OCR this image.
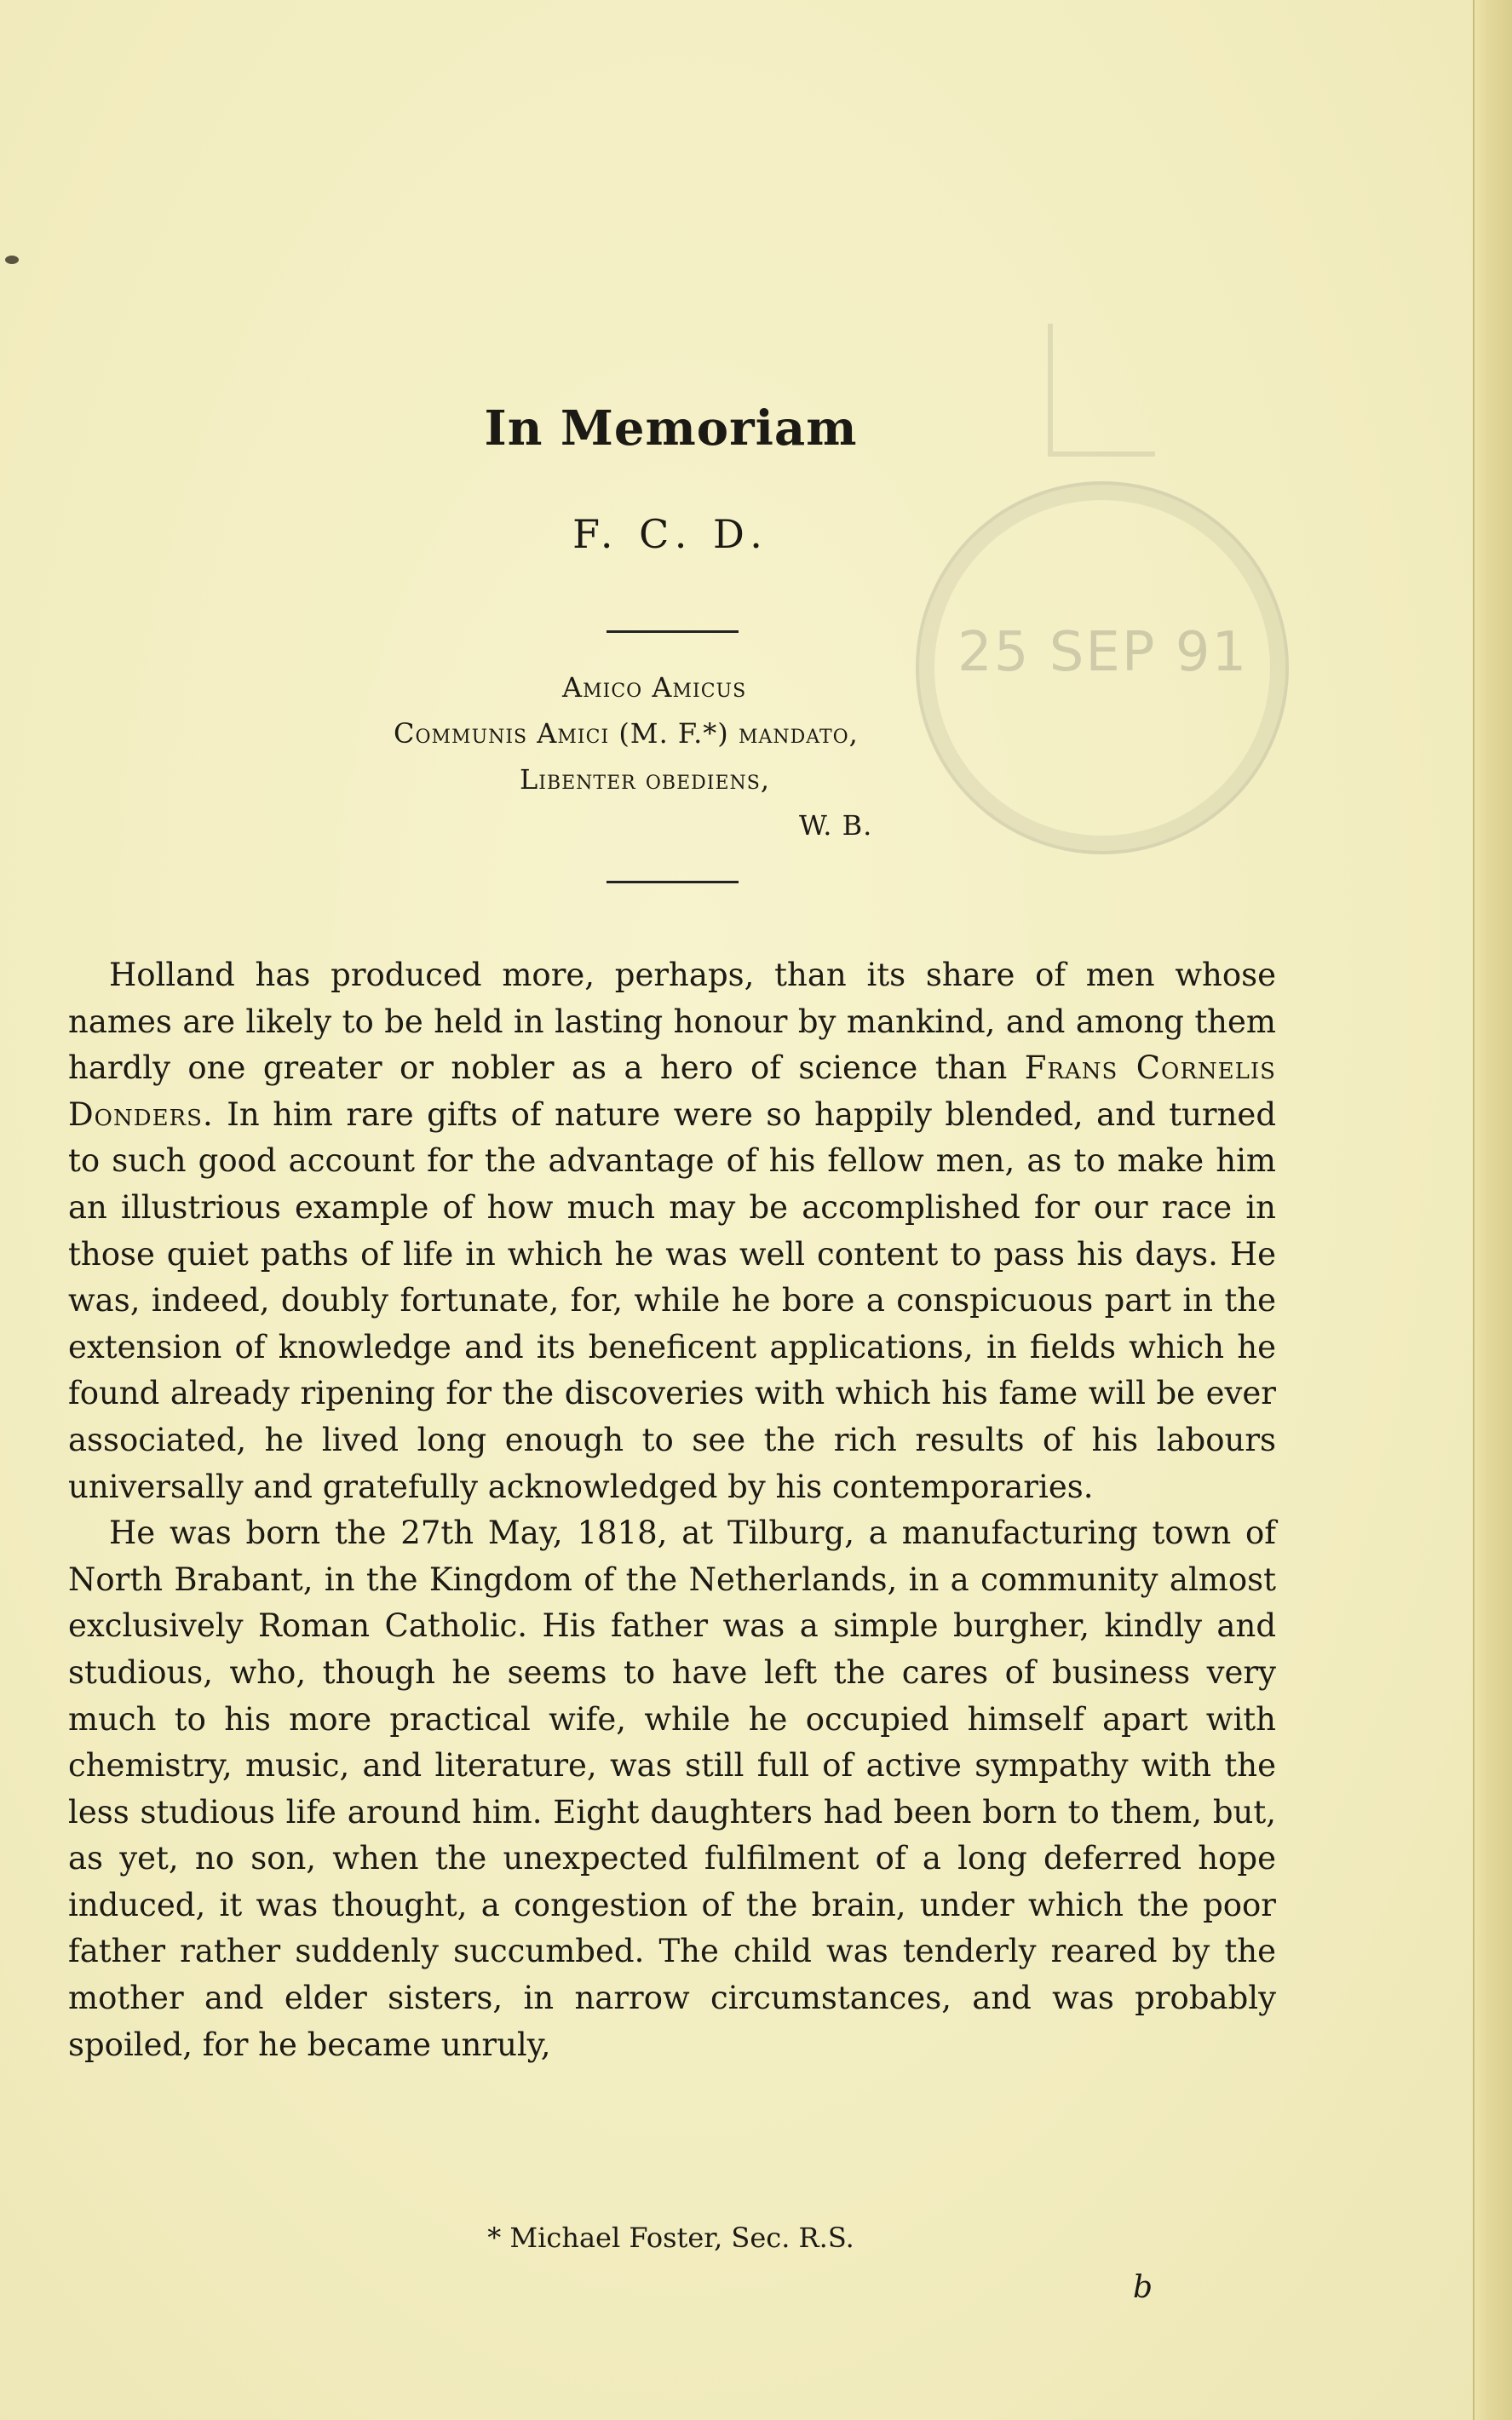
25 SEP 91
In Memoriam
F. C. D.
Amico Amicus
Communis Amici (M. F.*) mandato,
Libenter obediens,
W. B.

Holland has produced more, perhaps, than its share of men whose names are likely to be held in lasting honour by mankind, and among them hardly one greater or nobler as a hero of science than Frans Cornelis Donders. In him rare gifts of nature were so happily blended, and turned to such good account for the advantage of his fellow men, as to make him an illustrious example of how much may be accomplished for our race in those quiet paths of life in which he was well content to pass his days. He was, indeed, doubly fortunate, for, while he bore a conspicuous part in the extension of knowledge and its beneficent applications, in fields which he found already ripening for the discoveries with which his fame will be ever associated, he lived long enough to see the rich results of his labours universally and gratefully acknowledged by his contemporaries.

He was born the 27th May, 1818, at Tilburg, a manufacturing town of North Brabant, in the Kingdom of the Netherlands, in a community almost exclusively Roman Catholic. His father was a simple burgher, kindly and studious, who, though he seems to have left the cares of business very much to his more practical wife, while he occupied himself apart with chemistry, music, and literature, was still full of active sympathy with the less studious life around him. Eight daughters had been born to them, but, as yet, no son, when the unexpected fulfilment of a long deferred hope induced, it was thought, a congestion of the brain, under which the poor father rather suddenly succumbed. The child was tenderly reared by the mother and elder sisters, in narrow circumstances, and was probably spoiled, for he became unruly,

* Michael Foster, Sec. R.S.
b
